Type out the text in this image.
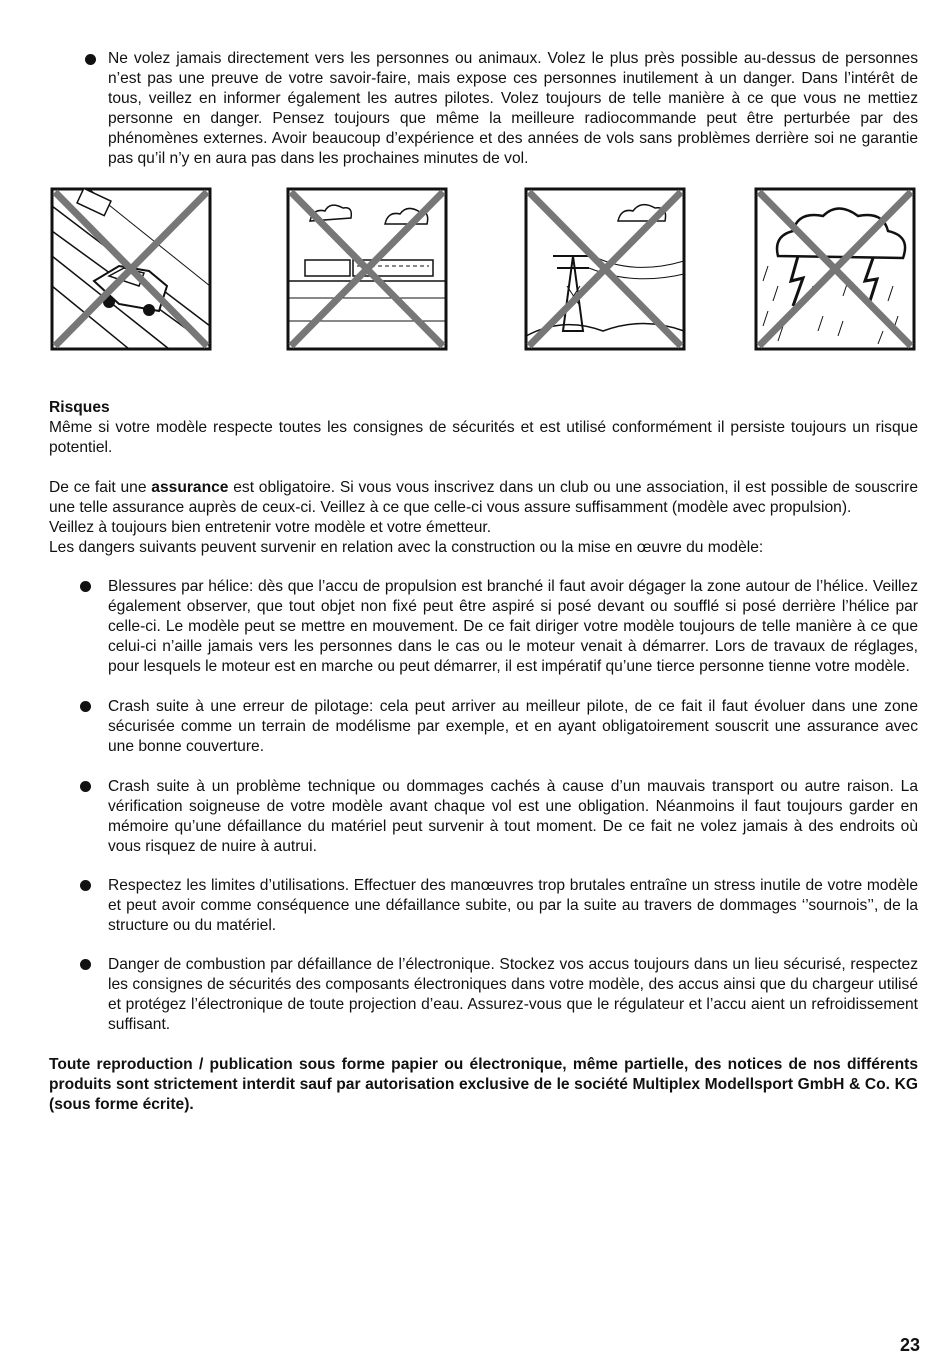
Ne volez jamais directement vers les personnes ou animaux. Volez le plus près possible au-dessus de personnes n’est pas une preuve de votre savoir-faire, mais expose ces personnes inutilement à un danger. Dans l’intérêt de tous, veillez en informer également les autres pilotes. Volez toujours de telle manière à ce que vous ne mettiez personne en danger. Pensez toujours que même la meilleure radiocommande peut être perturbée par des phénomènes externes. Avoir beaucoup d’expérience et des années de vols sans problèmes derrière soi ne garantie pas qu’il n’y en aura pas dans les prochaines minutes de vol.
Risques
Même si votre modèle respecte toutes les consignes de sécurités et est utilisé conformément il persiste toujours un risque potentiel.
De ce fait une assurance est obligatoire. Si vous vous inscrivez dans un club ou une association, il est possible de souscrire une telle assurance auprès de ceux-ci. Veillez à ce que celle-ci vous assure suffisamment (modèle avec propulsion).
Veillez à toujours bien entretenir votre modèle et votre émetteur.
Les dangers suivants peuvent survenir en relation avec la construction ou la mise en œuvre du modèle:
Blessures par hélice: dès que l’accu de propulsion est branché il faut avoir dégager la zone autour de l’hélice. Veillez également observer, que tout objet non fixé peut être aspiré si posé devant ou soufflé si posé derrière l’hélice par celle-ci. Le modèle peut se mettre en mouvement. De ce fait diriger votre modèle toujours de telle manière à ce que celui-ci n’aille jamais vers les personnes dans le cas ou le moteur venait à démarrer. Lors de travaux de réglages, pour lesquels le moteur est en marche ou peut démarrer, il est impératif qu’une tierce personne tienne votre modèle.
Crash suite à une erreur de pilotage: cela peut arriver au meilleur pilote, de ce fait il faut évoluer dans une zone sécurisée comme un terrain de modélisme par exemple, et en ayant obligatoirement souscrit une assurance avec une bonne couverture.
Crash suite à un problème technique ou dommages cachés à cause d’un mauvais transport ou autre raison. La vérification soigneuse de votre modèle avant chaque vol est une obligation. Néanmoins il faut toujours garder en mémoire qu’une défaillance du matériel peut survenir à tout moment. De ce fait ne volez jamais à des endroits où vous risquez de nuire à autrui.
Respectez les limites d’utilisations. Effectuer des manœuvres trop brutales entraîne un stress inutile de votre modèle et peut avoir comme conséquence une défaillance subite, ou par la suite au travers de dommages ‘’sournois’’, de la structure ou du matériel.
Danger de combustion par défaillance de l’électronique. Stockez vos accus toujours dans un lieu sécurisé, respectez les consignes de sécurités des composants électroniques dans votre modèle, des accus ainsi que du chargeur utilisé et protégez l’électronique de toute projection d’eau. Assurez-vous que le régulateur et l’accu aient un refroidissement suffisant.
Toute reproduction / publication sous forme papier ou électronique, même partielle, des notices de nos différents produits sont strictement interdit sauf par autorisation exclusive de le société Multiplex Modellsport GmbH & Co. KG (sous forme écrite).
23
